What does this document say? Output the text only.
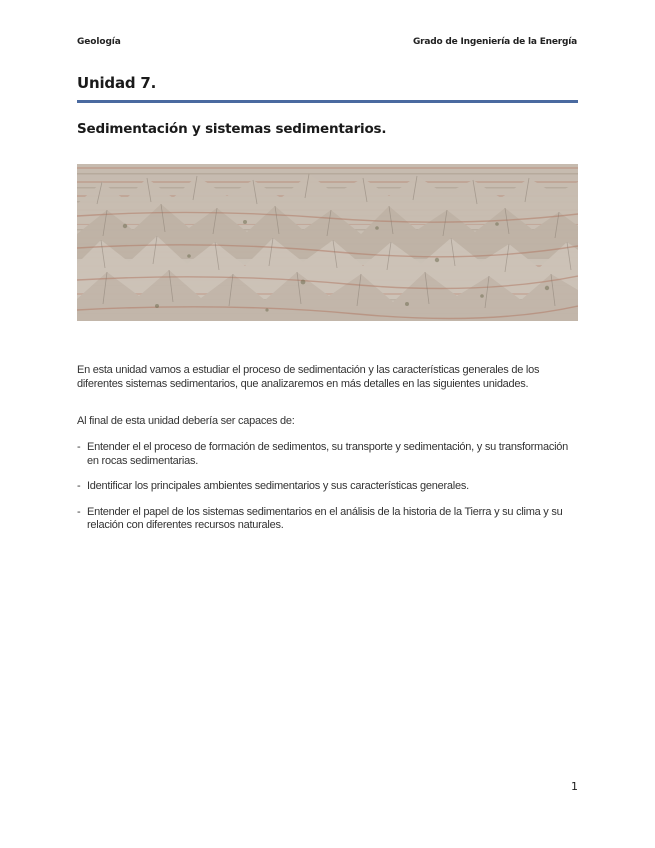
Geología	Grado de Ingeniería de la Energía
Unidad 7.
Sedimentación y sistemas sedimentarios.

En esta unidad vamos a estudiar el proceso de sedimentación y las características generales de los diferentes sistemas sedimentarios, que analizaremos en más detalles en las siguientes unidades.

Al final de esta unidad debería ser capaces de:

- Entender el el proceso de formación de sedimentos, su transporte y sedimentación, y su transformación en rocas sedimentarias.
- Identificar los principales ambientes sedimentarios y sus características generales.
- Entender el papel de los sistemas sedimentarios en el análisis de la historia de la Tierra y su clima y su relación con diferentes recursos naturales.
1
